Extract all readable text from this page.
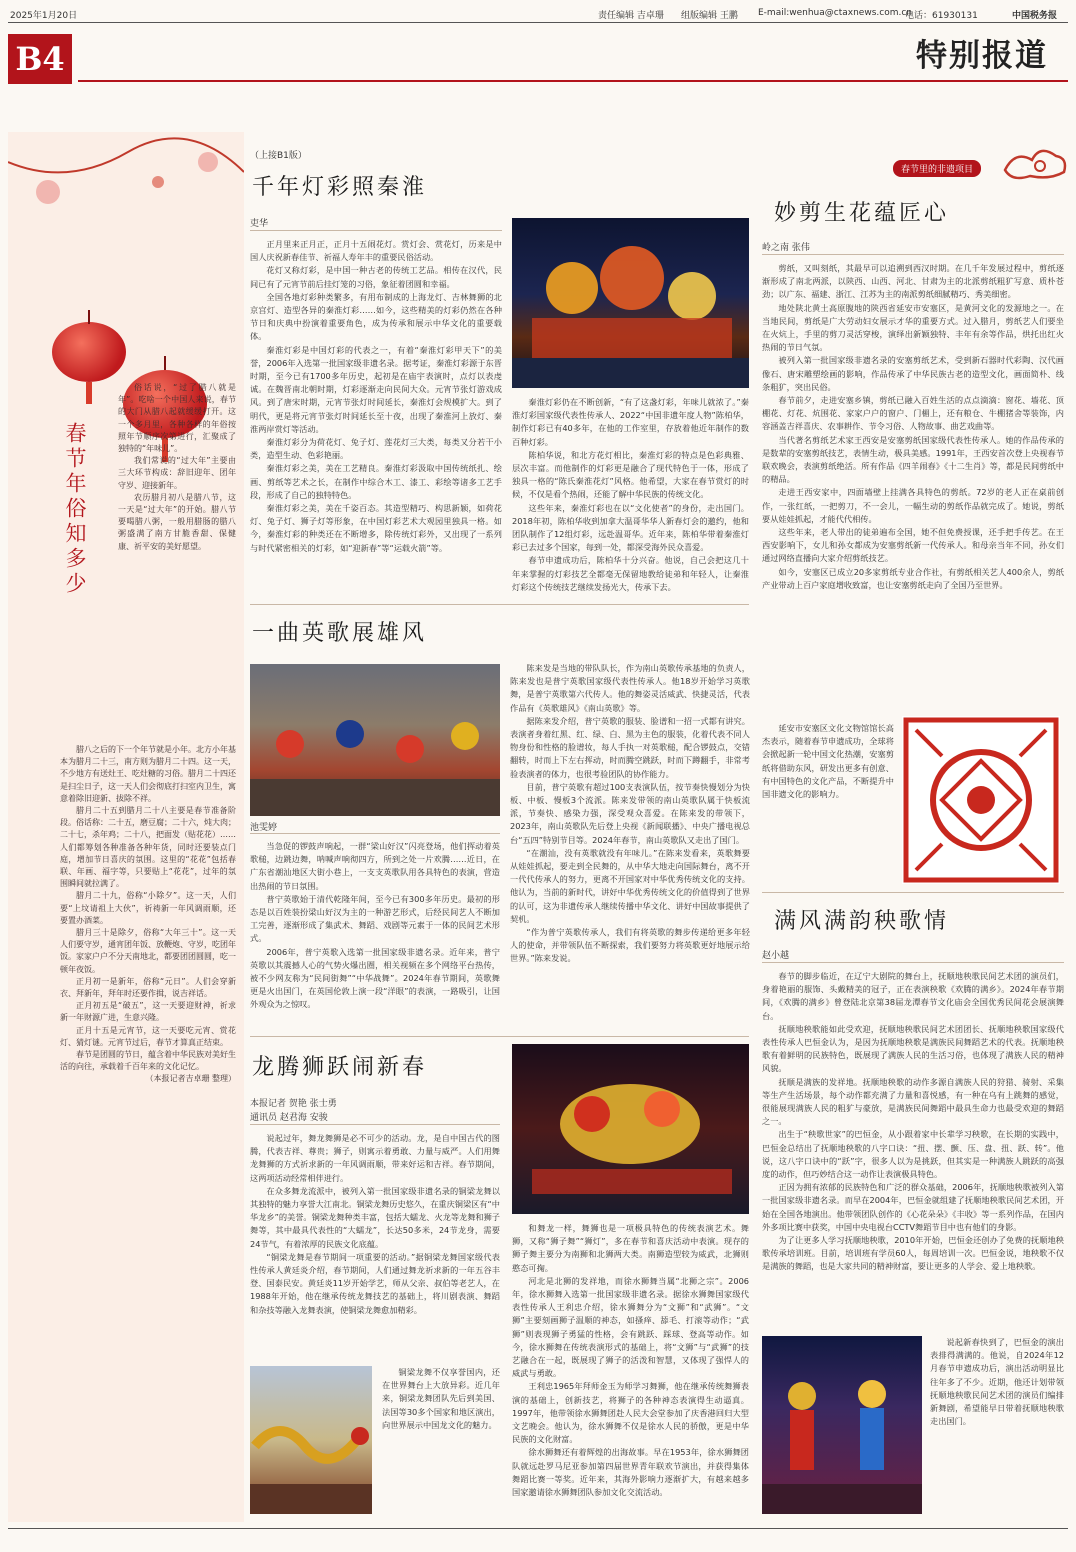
2025年1月20日	责任编辑 吉卓珊 组版编辑 王鹏 E-mail:wenhua@ctaxnews.com.cn
电话：61930131	中国税务报
B4	特别报道
春节年俗知多少

俗话说，“过了腊八就是年”。吃啥一个中国人来说，春节的大门从腊八起就缓缓打开。这一个多月里，各种各样的年俗按照年节顺序次第进行，汇聚成了独特的“年味儿”。

我们常说的“过大年”主要由三大环节构成：辞旧迎年、团年守岁、迎接新年。

农历腊月初八是腊八节，这一天是“过大年”的开始。腊八节要喝腊八粥，一般用腊肠的腊八粥盛满了南方甘脆香甜、保健康、祈平安的美好愿望。

腊八之后的下一个年节就是小年。北方小年基本为腊月二十三，南方则为腊月二十四。这一天，不少地方有送灶王、吃灶糖的习俗。腊月二十四还是扫尘日子，这一天人们会彻底打扫室内卫生，寓意着除旧迎新、拔除不祥。

腊月二十五到腊月二十八主要是春节准备阶段。俗话称：二十五，磨豆腐；二十六，炖大肉；二十七，杀年鸡；二十八，把面发（贴花花）……人们都筹划各种准备各种年货，同时还要装点门庭，增加节日喜庆的氛围。这里的“花花”包括春联、年画、福字等，只要贴上“花花”，过年的氛围瞬间就拉满了。

腊月二十九，俗称“小除夕”。这一天，人们要“上坟请祖上大伙”，祈祷新一年风调雨顺，还要置办酒菜。

腊月三十是除夕，俗称“大年三十”。这一天人们要守岁，通宵团年饭、放鞭炮、守岁，吃团年饭。家家户户不分天南地北，都要团团圆圆，吃一顿年夜饭。

正月初一是新年，俗称“元日”。人们会穿新衣、拜新年，拜年时还要作揖，说吉祥话。

正月初五是“破五”，这一天要迎财神，祈求新一年财源广进，生意兴隆。

正月十五是元宵节，这一天要吃元宵、赏花灯、猜灯谜。元宵节过后，春节才算真正结束。

春节是团圆的节日，蕴含着中华民族对美好生活的向往，承载着千百年来的文化记忆。

（本报记者吉卓珊 整理）

（上接B1版）
千年灯彩照秦淮
吏华

正月里来正月正，正月十五闹花灯。赏灯会、赏花灯，历来是中国人庆祝新春佳节、祈福人寿年丰的重要民俗活动。

花灯又称灯彩，是中国一种古老的传统工艺品。相传在汉代，民间已有了元宵节前后挂灯笼的习俗，象征着团圆和幸福。

全国各地灯彩种类繁多，有用布制成的上海龙灯、吉林舞狮的北京宫灯、造型各异的秦淮灯彩……如今，这些精美的灯彩仍然在各种节日和庆典中扮演着重要角色，成为传承和展示中华文化的重要载体。

秦淮灯彩是中国灯彩的代表之一，有着“秦淮灯彩甲天下”的美誉，2006年入选第一批国家级非遗名录。据考证，秦淮灯彩源于东晋时期，至今已有1700多年历史，起初是在庙宇表演时，点灯以表虔诚。在魏晋南北朝时期，灯彩逐渐走向民间大众。元宵节张灯游戏成风。到了唐宋时期，元宵节张灯时间延长，秦淮灯会规模扩大。到了明代，更是将元宵节张灯时间延长至十夜，出现了秦淮河上放灯、秦淮两岸赏灯等活动。

秦淮灯彩分为荷花灯、兔子灯、莲花灯三大类，每类又分若干小类，造型生动、色彩艳丽。

秦淮灯彩之美，美在工艺精良。秦淮灯彩汲取中国传统纸扎、绘画、剪纸等艺术之长，在制作中综合木工、漆工、彩绘等诸多工艺手段，形成了自己的独特特色。

秦淮灯彩之美，美在千姿百态。其造型精巧、构思新颖，如荷花灯、兔子灯、狮子灯等形象，在中国灯彩艺术大观园里独具一格。如今，秦淮灯彩的种类还在不断增多，除传统灯彩外，又出现了一系列与时代紧密相关的灯彩，如“迎新春”等“运载火箭”等。

秦淮灯彩仍在不断创新，“有了这盏灯彩，年味儿就浓了。”秦淮灯彩国家级代表性传承人、2022“中国非遗年度人物”陈柏华，制作灯彩已有40多年，在他的工作室里，存放着他近年制作的数百种灯彩。

陈柏华说，和北方花灯相比，秦淮灯彩的特点是色彩典雅、层次丰富。而他制作的灯彩更是融合了现代特色于一体，形成了独具一格的“陈氏秦淮花灯”风格。他希望，大家在春节赏灯的时候，不仅是看个热闹，还能了解中华民族的传统文化。

这些年来，秦淮灯彩也在以“文化使者”的身份，走出国门。2018年初，陈柏华收到加拿大温哥华华人新春灯会的邀约，他和团队制作了12组灯彩，远赴温哥华。近年来，陈柏华带着秦淮灯彩已去过多个国家，每到一处，都深受海外民众喜爱。

春节申遗成功后，陈柏华十分兴奋。他说，自己会把这几十年来掌握的灯彩技艺全都毫无保留地教给徒弟和年轻人，让秦淮灯彩这个传统技艺继续发扬光大，传承下去。

一曲英歌展雄风
池雯婷

当急促的锣鼓声响起，一群“梁山好汉”闪亮登场，他们挥动着英歌槌，边跳边舞，呐喊声响彻四方，所到之处一片欢腾……近日，在广东省潮汕地区大街小巷上，一支支英歌队用各具特色的表演，营造出热闹的节日氛围。

普宁英歌始于清代乾隆年间，至今已有300多年历史。最初的形态是以百姓装扮梁山好汉为主的一种游艺形式，后经民间艺人不断加工完善，逐渐形成了集武术、舞蹈、戏剧等元素于一体的民间艺术形式。

2006年，普宁英歌入选第一批国家级非遗名录。近年来，普宁英歌以其震撼人心的气势火爆出圈，相关视频在多个网络平台热传，被不少网友称为“民间街舞”“中华战舞”。2024年春节期间，英歌舞更是火出国门，在英国伦敦上演一段“洋眼”的表演，一路吸引，让国外观众为之惊叹。

陈来发是当地的带队队长，作为南山英歌传承基地的负责人，陈来发也是普宁英歌国家级代表性传承人。他18岁开始学习英歌舞，是普宁英歌第六代传人。他的舞姿灵活威武、快捷灵活，代表作品有《英歌雄风》《南山英歌》等。

据陈来发介绍，普宁英歌的服装、脸谱和一招一式都有讲究。表演者身着红黑、红、绿、白、黑为主色的服装，化着代表不同人物身份和性格的脸谱妆，每人手执一对英歌槌，配合锣鼓点，交错翻转，时而上下左右挥动，时而腾空跳跃，时而下蹲翻手，非常考验表演者的体力，也很考验团队的协作能力。

目前，普宁英歌有超过100支表演队伍，按节奏快慢划分为快板、中板、慢板3个流派。陈来发带领的南山英歌队属于快板流派，节奏快、感染力强，深受观众喜爱。在陈来发的带领下，2023年，南山英歌队先后登上央视《新闻联播》、中央广播电视总台“五四”特别节目等。2024年春节，南山英歌队又走出了国门。

“在潮汕，没有英歌就没有年味儿。”在陈来发看来，英歌舞要从娃娃抓起，要走到全民舞的，从中华大地走向国际舞台，离不开一代代传承人的努力，更离不开国家对中华优秀传统文化的支持。他认为，当前的新时代，讲好中华优秀传统文化的价值得到了世界的认可，这为非遗传承人继续传播中华文化、讲好中国故事提供了契机。

“作为普宁英歌传承人，我们有将英歌的舞步传递给更多年轻人的使命，并带领队伍不断探索，我们要努力将英歌更好地展示给世界。”陈来发说。

龙腾狮跃闹新春
本报记者 贺艳 张士勇
通讯员 赵君海 安骏

说起过年，舞龙舞狮是必不可少的活动。龙，是自中国古代的图腾，代表吉祥、尊贵；狮子，则寓示着勇敢、力量与威严。人们用舞龙舞狮的方式祈求新的一年风调雨顺，带来好运和吉祥。春节期间，这两项活动经常相伴进行。

在众多舞龙流派中，被列入第一批国家级非遗名录的铜梁龙舞以其独特的魅力享誉大江南北。铜梁龙舞历史悠久，在重庆铜梁区有“中华龙乡”的美誉。铜梁龙舞种类丰富，包括大蠕龙、火龙等龙舞和狮子舞等，其中最具代表性的“大蠕龙”，长达50多米，24节龙身，需要24节气，有着浓厚的民族文化底蕴。

“铜梁龙舞是春节期间一项重要的活动。”据铜梁龙舞国家级代表性传承人黄廷炎介绍，春节期间，人们通过舞龙祈求新的一年五谷丰登、国泰民安。黄廷炎11岁开始学艺，师从父亲、叔伯等老艺人，在1988年开始，他在继承传统龙舞技艺的基础上，将川剧表演、舞蹈和杂技等融入龙舞表演，使铜梁龙舞愈加精彩。

铜梁龙舞不仅享誉国内，还在世界舞台上大放异彩。近几年来，铜梁龙舞团队先后到美国、法国等30多个国家和地区演出，向世界展示中国龙文化的魅力。

和舞龙一样，舞狮也是一项极具特色的传统表演艺术。舞狮，又称“狮子舞”“狮灯”，多在春节和喜庆活动中表演。现存的狮子舞主要分为南狮和北狮两大类。南狮造型较为威武，北狮则憨态可掬。

河北是北狮的发祥地，而徐水狮舞当属“北狮之宗”。2006年，徐水狮舞入选第一批国家级非遗名录。据徐水狮舞国家级代表性传承人王利忠介绍，徐水狮舞分为“文狮”和“武狮”。“文狮”主要刻画狮子温顺的神态，如搔痒、舔毛、打滚等动作；“武狮”则表现狮子勇猛的性格，会有跳跃、踩球、登高等动作。如今，徐水狮舞在传统表演形式的基础上，将“文狮”与“武狮”的技艺融合在一起，既展现了狮子的活泼和智慧，又体现了强悍人的威武与勇敢。

王利忠1965年拜师金玉为师学习舞狮，他在继承传统舞狮表演的基础上，创新技艺，将狮子的各种神态表演得生动逼真。1997年，他带领徐水狮舞团赴人民大会堂参加了庆香港回归大型文艺晚会。他认为，徐水狮舞不仅是徐水人民的骄傲，更是中华民族的文化财富。

徐水狮舞还有着辉煌的出海故事。早在1953年，徐水狮舞团队就远赴罗马尼亚参加第四届世界青年联欢节演出，并获得集体舞蹈比赛一等奖。近年来，其海外影响力逐渐扩大，有越来越多国家邀请徐水狮舞团队参加文化交流活动。

春节里的非遗项目
妙剪生花蕴匠心
岭之南 张伟

剪纸，又叫刻纸，其最早可以追溯到西汉时期。在几千年发展过程中，剪纸逐渐形成了南北两派，以陕西、山西、河北、甘肃为主的北派剪纸粗犷写意、质朴苍劲；以广东、福建、浙江、江苏为主的南派剪纸细腻精巧、秀美细密。

地处陕北黄土高原腹地的陕西省延安市安塞区，是黄河文化的发源地之一。在当地民间，剪纸是广大劳动妇女展示才华的重要方式。过入腊月，剪纸艺人们要坐在火炕上，手里的剪刀灵活穿梭，演绎出新颖独特、丰年有余等作品，烘托出红火热闹的节日气氛。

被列入第一批国家级非遗名录的安塞剪纸艺术，受到新石器时代彩陶、汉代画像石、唐宋雕塑绘画的影响，作品传承了中华民族古老的造型文化，画面简朴、线条粗犷，突出民俗。

春节前夕，走进安塞乡镇，剪纸已融入百姓生活的点点滴滴：窗花、墙花、顶棚花、灯花、炕围花、家家户户的窗户、门楣上，还有粮仓、牛棚猪舍等装饰，内容涵盖吉祥喜庆、农事耕作、节令习俗、人物故事、曲艺戏曲等。

当代著名剪纸艺术家王西安是安塞剪纸国家级代表性传承人。她的作品传承的是数辈的安塞剪纸技艺，表情生动，极具美感。1991年，王西安首次登上央视春节联欢晚会，表演剪纸绝活。所有作品《四羊闹春》《十二生肖》等，都是民间剪纸中的精品。

走进王西安家中，四面墙壁上挂满各具特色的剪纸。72岁的老人正在桌前创作，一张红纸，一把剪刀，不一会儿，一幅生动的剪纸作品就完成了。她说，剪纸要从娃娃抓起，才能代代相传。

这些年来，老人带出的徒弟遍布全国，她不但免费授课，还手把手传艺。在王西安影响下，女儿和孙女都成为安塞剪纸新一代传承人。和母亲当年不同，孙女们通过网络直播向大家介绍剪纸技艺。

如今，安塞区已成立20多家剪纸专业合作社，有剪纸相关艺人400余人，剪纸产业带动上百户家庭增收致富，也让安塞剪纸走向了全国乃至世界。

延安市安塞区文化文物馆馆长高杰表示，随着春节申遗成功，全球将会掀起新一轮中国文化热潮，安塞剪纸将借助东风，研发出更多有创意、有中国特色的文化产品，不断提升中国非遗文化的影响力。

满风满韵秧歌情
赵小越

春节的脚步临近，在辽宁大剧院的舞台上，抚顺地秧歌民间艺术团的演员们，身着艳丽的服饰、头戴精美的冠子，正在表演秧歌《欢腾的满乡》。2024年春节期间，《欢腾的满乡》曾登陆北京第38届龙潭春节文化庙会全国优秀民间花会展演舞台。

抚顺地秧歌能如此受欢迎，抚顺地秧歌民间艺术团团长、抚顺地秧歌国家级代表性传承人巴恒金认为，是因为抚顺地秧歌是满族民间舞蹈艺术的代表。抚顺地秧歌有着鲜明的民族特色，既展现了满族人民的生活习俗，也体现了满族人民的精神风貌。

抚顺是满族的发祥地。抚顺地秧歌的动作多源自满族人民的狩猎、骑射、采集等生产生活场景，每个动作都充满了力量和喜悦感，有一种在乌有上跳舞的感觉，很能展现满族人民的粗犷与豪放，是满族民间舞蹈中最具生命力也最受欢迎的舞蹈之一。

出生于“秧歌世家”的巴恒金，从小跟着家中长辈学习秧歌，在长期的实践中，巴恒金总结出了抚顺地秧歌的八字口诀：“扭、摆、颤、压、盘、扭、跃、转”。他说，这八字口诀中的“跃”字，很多人以为是挑跃，但其实是一种满族人跳跃的高强度的动作，但巧妙结合这一动作让表演极具特色。

正因为拥有浓郁的民族特色和广泛的群众基础，2006年，抚顺地秧歌被列入第一批国家级非遗名录。而早在2004年，巴恒金就组建了抚顺地秧歌民间艺术团，开始在全国各地演出。他带领团队创作的《心花朵朵》《丰收》等一系列作品，在国内外多项比赛中获奖，中国中央电视台CCTV舞蹈节目中也有他们的身影。

为了让更多人学习抚顺地秧歌，2010年开始，巴恒金还创办了免费的抚顺地秧歌传承培训班。目前，培训班有学员60人，每周培训一次。巴恒金说，地秧歌不仅是满族的舞蹈，也是大家共同的精神财富，要让更多的人学会、爱上地秧歌。

说起新春快到了，巴恒金的演出表排得满满的。他说，自2024年12月春节申遗成功后，演出活动明显比往年多了不少。近期，他还计划带领抚顺地秧歌民间艺术团的演员们编排新舞剧，希望能早日带着抚顺地秧歌走出国门。
